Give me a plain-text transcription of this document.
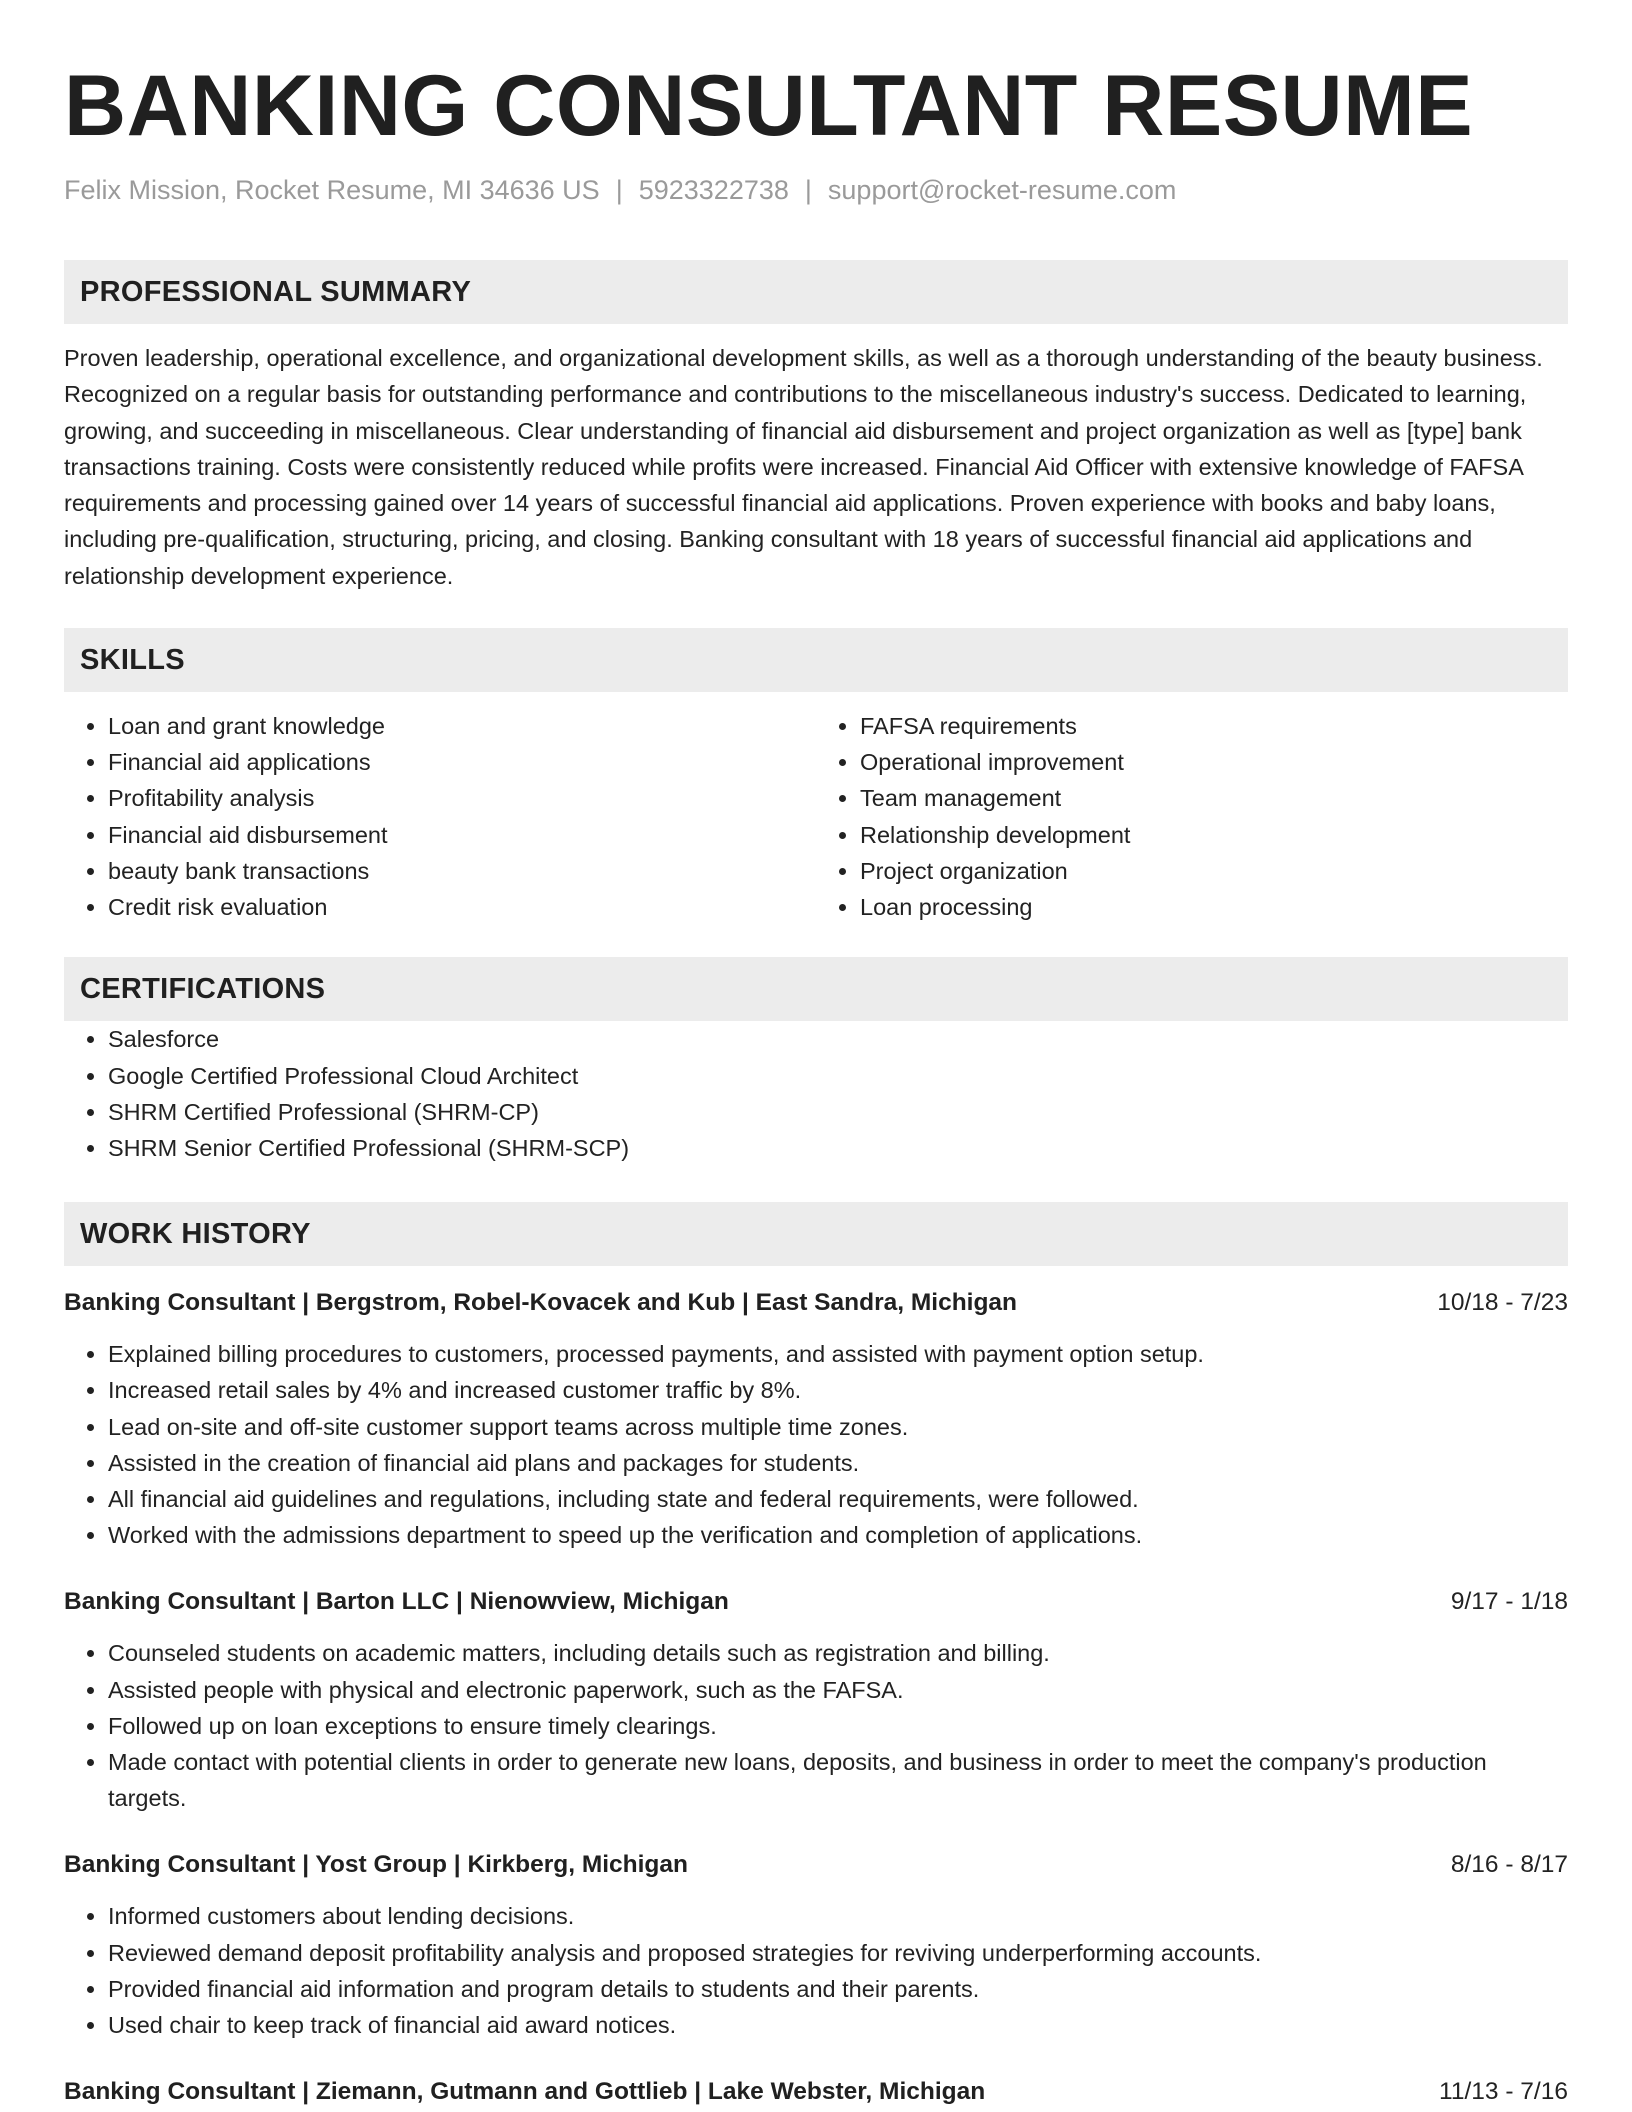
BANKING CONSULTANT RESUME
Felix Mission, Rocket Resume, MI 34636 US | 5923322738 | support@rocket-resume.com
PROFESSIONAL SUMMARY
Proven leadership, operational excellence, and organizational development skills, as well as a thorough understanding of the beauty business. Recognized on a regular basis for outstanding performance and contributions to the miscellaneous industry's success. Dedicated to learning, growing, and succeeding in miscellaneous. Clear understanding of financial aid disbursement and project organization as well as [type] bank transactions training. Costs were consistently reduced while profits were increased. Financial Aid Officer with extensive knowledge of FAFSA requirements and processing gained over 14 years of successful financial aid applications. Proven experience with books and baby loans, including pre-qualification, structuring, pricing, and closing. Banking consultant with 18 years of successful financial aid applications and relationship development experience.
SKILLS
• Loan and grant knowledge
• Financial aid applications
• Profitability analysis
• Financial aid disbursement
• beauty bank transactions
• Credit risk evaluation
• FAFSA requirements
• Operational improvement
• Team management
• Relationship development
• Project organization
• Loan processing
CERTIFICATIONS
• Salesforce
• Google Certified Professional Cloud Architect
• SHRM Certified Professional (SHRM-CP)
• SHRM Senior Certified Professional (SHRM-SCP)
WORK HISTORY
Banking Consultant | Bergstrom, Robel-Kovacek and Kub | East Sandra, Michigan	10/18 - 7/23
• Explained billing procedures to customers, processed payments, and assisted with payment option setup.
• Increased retail sales by 4% and increased customer traffic by 8%.
• Lead on-site and off-site customer support teams across multiple time zones.
• Assisted in the creation of financial aid plans and packages for students.
• All financial aid guidelines and regulations, including state and federal requirements, were followed.
• Worked with the admissions department to speed up the verification and completion of applications.
Banking Consultant | Barton LLC | Nienowview, Michigan	9/17 - 1/18
• Counseled students on academic matters, including details such as registration and billing.
• Assisted people with physical and electronic paperwork, such as the FAFSA.
• Followed up on loan exceptions to ensure timely clearings.
• Made contact with potential clients in order to generate new loans, deposits, and business in order to meet the company's production targets.
Banking Consultant | Yost Group | Kirkberg, Michigan	8/16 - 8/17
• Informed customers about lending decisions.
• Reviewed demand deposit profitability analysis and proposed strategies for reviving underperforming accounts.
• Provided financial aid information and program details to students and their parents.
• Used chair to keep track of financial aid award notices.
Banking Consultant | Ziemann, Gutmann and Gottlieb | Lake Webster, Michigan	11/13 - 7/16
